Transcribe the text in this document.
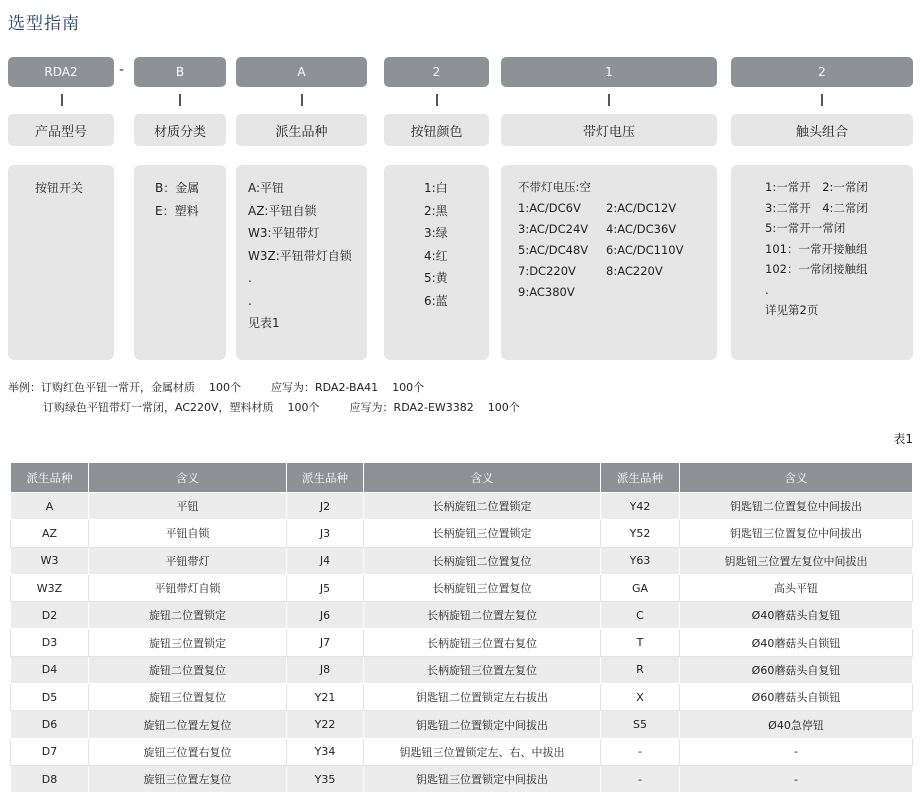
选型指南
RDA2	-	B	A	2	1	2
产品型号	材质分类	派生品种	按钮颜色	带灯电压	触头组合
按钮开关	B：金属
E：塑料
A:平钮
AZ:平钮自锁
W3:平钮带灯
W3Z:平钮带灯自锁
.
.
见表1
1:白
2:黑
3:绿
4:红
5:黄
6:蓝
不带灯电压:空
1:AC/DC6V	2:AC/DC12V
3:AC/DC24V	4:AC/DC36V
5:AC/DC48V	6:AC/DC110V
7:DC220V	8:AC220V
9:AC380V
1:一常开　2:一常闭
3:二常开　4:二常闭
5:一常开一常闭
101：一常开接触组
102：一常闭接触组
.
详见第2页
举例：订购红色平钮一常开，金属材质 100个	应写为：RDA2-BA41 100个
订购绿色平钮带灯一常闭，AC220V，塑料材质 100个	应写为：RDA2-EW3382 100个
表1
派生品种	含义	派生品种	含义	派生品种	含义
A	平钮	J2	长柄旋钮二位置锁定	Y42	钥匙钮二位置复位中间拔出
AZ	平钮自锁	J3	长柄旋钮三位置锁定	Y52	钥匙钮三位置复位中间拔出
W3	平钮带灯	J4	长柄旋钮二位置复位	Y63	钥匙钮三位置左复位中间拔出
W3Z	平钮带灯自锁	J5	长柄旋钮三位置复位	GA	高头平钮
D2	旋钮二位置锁定	J6	长柄旋钮二位置左复位	C	Ø40蘑菇头自复钮
D3	旋钮三位置锁定	J7	长柄旋钮三位置右复位	T	Ø40蘑菇头自锁钮
D4	旋钮二位置复位	J8	长柄旋钮三位置左复位	R	Ø60蘑菇头自复钮
D5	旋钮三位置复位	Y21	钥匙钮二位置锁定左右拔出	X	Ø60蘑菇头自锁钮
D6	旋钮二位置左复位	Y22	钥匙钮二位置锁定中间拔出	S5	Ø40急停钮
D7	旋钮三位置右复位	Y34	钥匙钮三位置锁定左、右、中拔出	-	-
D8	旋钮三位置左复位	Y35	钥匙钮三位置锁定中间拔出	-	-
